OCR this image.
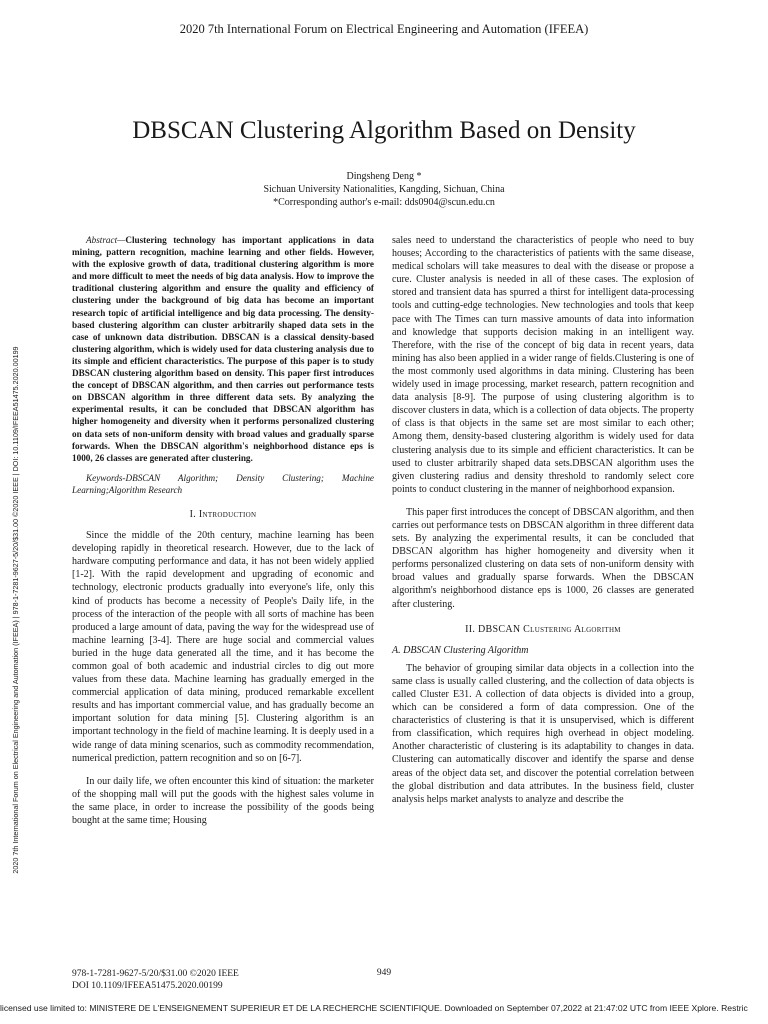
2020 7th International Forum on Electrical Engineering and Automation (IFEEA)
DBSCAN Clustering Algorithm Based on Density
Dingsheng Deng *
Sichuan University Nationalities, Kangding, Sichuan, China
*Corresponding author's e-mail: dds0904@scun.edu.cn
2020 7th International Forum on Electrical Engineering and Automation (IFEEA) | 978-1-7281-9627-5/20/$31.00 ©2020 IEEE | DOI: 10.1109/IFEEA51475.2020.00199

Abstract—Clustering technology has important applications in data mining, pattern recognition, machine learning and other fields. However, with the explosive growth of data, traditional clustering algorithm is more and more difficult to meet the needs of big data analysis. How to improve the traditional clustering algorithm and ensure the quality and efficiency of clustering under the background of big data has become an important research topic of artificial intelligence and big data processing. The density-based clustering algorithm can cluster arbitrarily shaped data sets in the case of unknown data distribution. DBSCAN is a classical density-based clustering algorithm, which is widely used for data clustering analysis due to its simple and efficient characteristics. The purpose of this paper is to study DBSCAN clustering algorithm based on density. This paper first introduces the concept of DBSCAN algorithm, and then carries out performance tests on DBSCAN algorithm in three different data sets. By analyzing the experimental results, it can be concluded that DBSCAN algorithm has higher homogeneity and diversity when it performs personalized clustering on data sets of non-uniform density with broad values and gradually sparse forwards. When the DBSCAN algorithm's neighborhood distance eps is 1000, 26 classes are generated after clustering.

Keywords-DBSCAN Algorithm; Density Clustering; Machine Learning;Algorithm Research

I. Introduction

Since the middle of the 20th century, machine learning has been developing rapidly in theoretical research. However, due to the lack of hardware computing performance and data, it has not been widely applied [1-2]. With the rapid development and upgrading of economic and technology, electronic products gradually into everyone's life, only this kind of products has become a necessity of People's Daily life, in the process of the interaction of the people with all sorts of machine has been produced a large amount of data, paving the way for the widespread use of machine learning [3-4]. There are huge social and commercial values buried in the huge data generated all the time, and it has become the common goal of both academic and industrial circles to dig out more values from these data. Machine learning has gradually emerged in the commercial application of data mining, produced remarkable excellent results and has important commercial value, and has gradually become an important solution for data mining [5]. Clustering algorithm is an important technology in the field of machine learning. It is deeply used in a wide range of data mining scenarios, such as commodity recommendation, numerical prediction, pattern recognition and so on [6-7].

In our daily life, we often encounter this kind of situation: the marketer of the shopping mall will put the goods with the highest sales volume in the same place, in order to increase the possibility of the goods being bought at the same time; Housing

sales need to understand the characteristics of people who need to buy houses; According to the characteristics of patients with the same disease, medical scholars will take measures to deal with the disease or propose a cure. Cluster analysis is needed in all of these cases. The explosion of stored and transient data has spurred a thirst for intelligent data-processing tools and cutting-edge technologies. New technologies and tools that keep pace with The Times can turn massive amounts of data into information and knowledge that supports decision making in an intelligent way. Therefore, with the rise of the concept of big data in recent years, data mining has also been applied in a wider range of fields.Clustering is one of the most commonly used algorithms in data mining. Clustering has been widely used in image processing, market research, pattern recognition and data analysis [8-9]. The purpose of using clustering algorithm is to discover clusters in data, which is a collection of data objects. The property of class is that objects in the same set are most similar to each other; Among them, density-based clustering algorithm is widely used for data clustering analysis due to its simple and efficient characteristics. It can be used to cluster arbitrarily shaped data sets.DBSCAN algorithm uses the given clustering radius and density threshold to randomly select core points to conduct clustering in the manner of neighborhood expansion.

This paper first introduces the concept of DBSCAN algorithm, and then carries out performance tests on DBSCAN algorithm in three different data sets. By analyzing the experimental results, it can be concluded that DBSCAN algorithm has higher homogeneity and diversity when it performs personalized clustering on data sets of non-uniform density with broad values and gradually sparse forwards. When the DBSCAN algorithm's neighborhood distance eps is 1000, 26 classes are generated after clustering.

II. DBSCAN Clustering Algorithm
A. DBSCAN Clustering Algorithm

The behavior of grouping similar data objects in a collection into the same class is usually called clustering, and the collection of data objects is called Cluster E31. A collection of data objects is divided into a group, which can be considered a form of data compression. One of the characteristics of clustering is that it is unsupervised, which is different from classification, which requires high overhead in object modeling. Another characteristic of clustering is its adaptability to changes in data. Clustering can automatically discover and identify the sparse and dense areas of the object data set, and discover the potential correlation between the global distribution and data attributes. In the business field, cluster analysis helps market analysts to analyze and describe the

978-1-7281-9627-5/20/$31.00 ©2020 IEEE
DOI 10.1109/IFEEA51475.2020.00199
949
licensed use limited to: MINISTERE DE L'ENSEIGNEMENT SUPERIEUR ET DE LA RECHERCHE SCIENTIFIQUE. Downloaded on September 07,2022 at 21:47:02 UTC from IEEE Xplore. Restric
